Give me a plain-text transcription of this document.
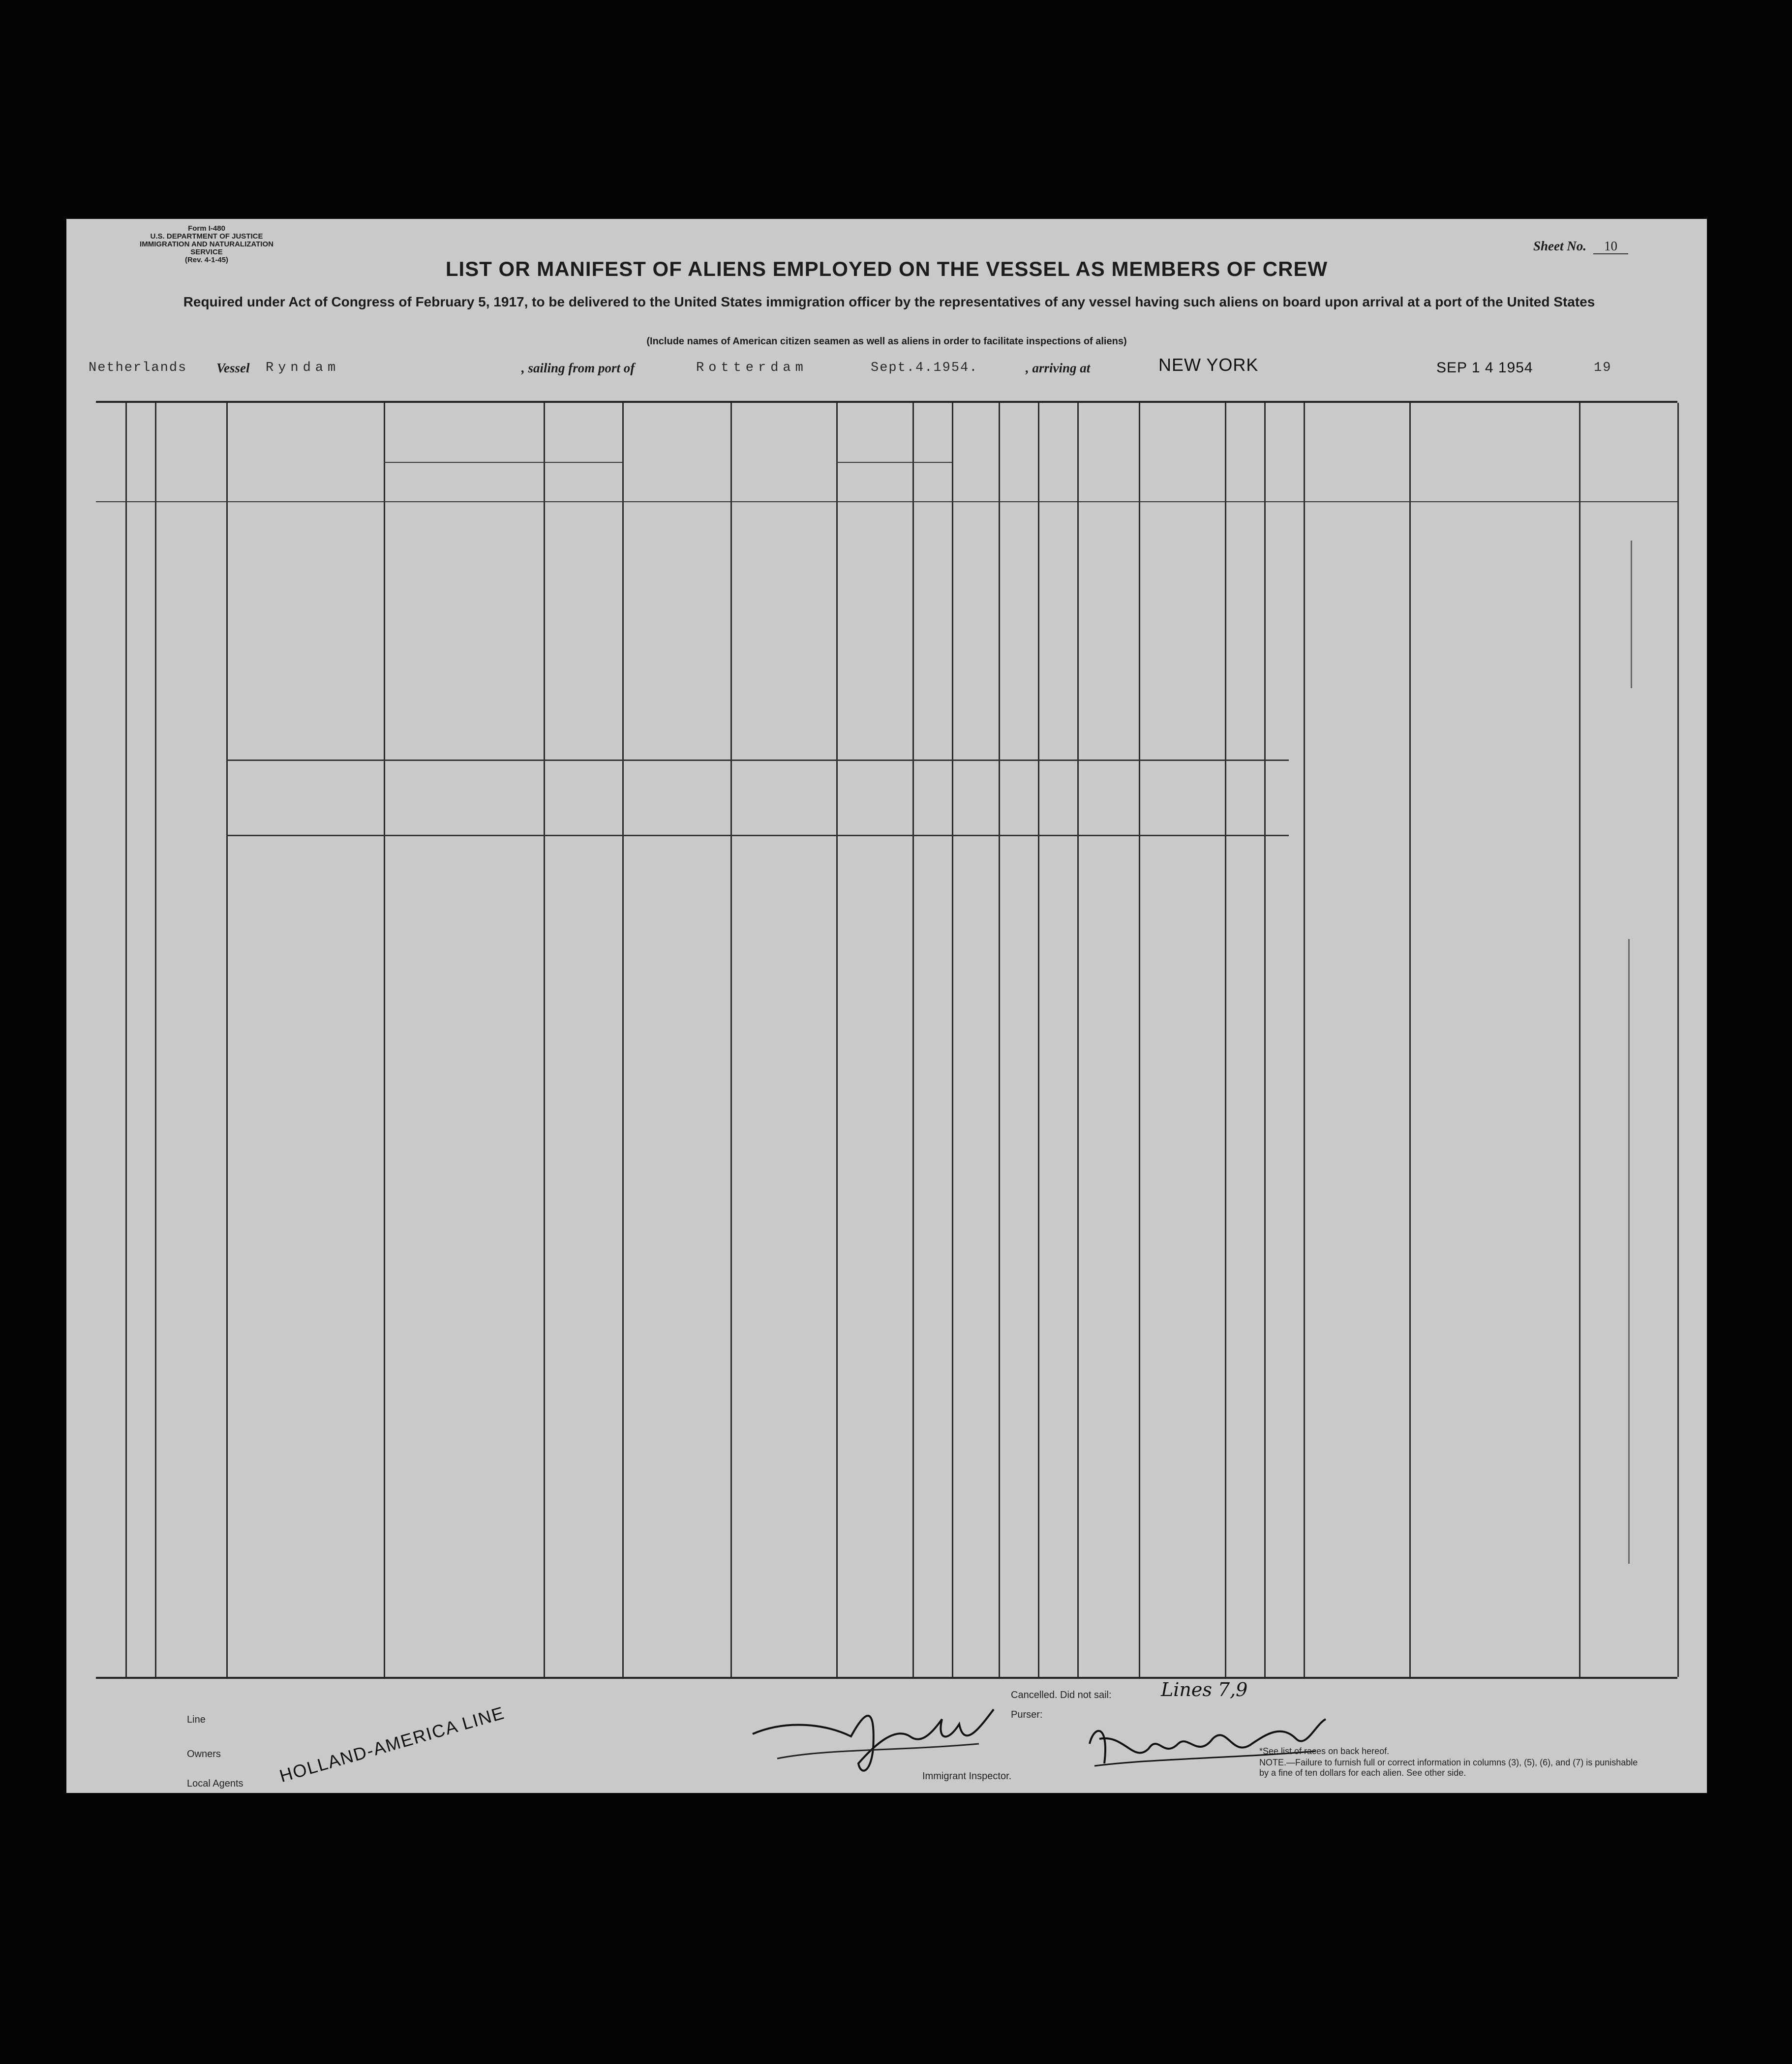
Form I-480
U.S. DEPARTMENT OF JUSTICE
IMMIGRATION AND NATURALIZATION SERVICE
(Rev. 4-1-45)
Sheet No. 10
LIST OR MANIFEST OF ALIENS EMPLOYED ON THE VESSEL AS MEMBERS OF CREW
Required under Act of Congress of February 5, 1917, to be delivered to the United States immigration officer by the representatives of any vessel having such aliens on board upon arrival at a port of the United States
(Include names of American citizen seamen as well as aliens in order to facilitate inspections of aliens)
Netherlands Vessel Ryndam	, sailing from port of	Rotterdam	Sept.4.1954.	, arriving at	NEW YORK	SEP 1 4 1954	19
Line
Owners
Local Agents HOLLAND-AMERICA LINE	Immigrant Inspector.
Cancelled. Did not sail:	Lines 7,9
Purser:
*See list of races on back hereof.
NOTE.—Failure to furnish full or correct information in columns (3), (5), (6), and (7) is punishable by a fine of ten dollars for each alien. See other side.
